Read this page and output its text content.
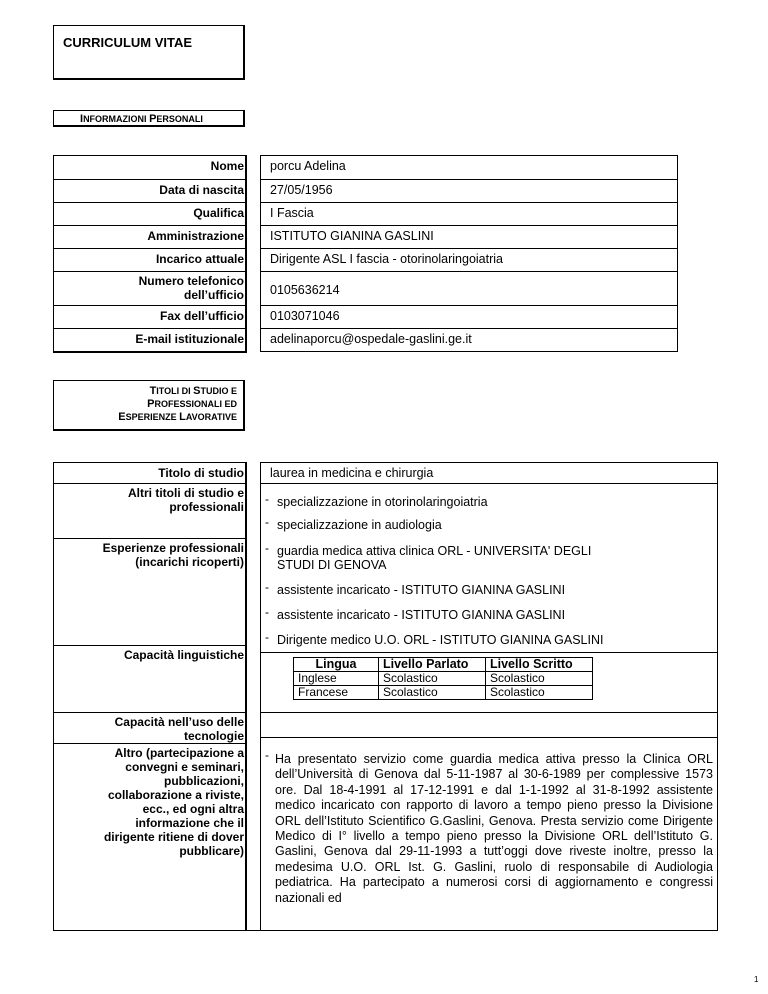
CURRICULUM VITAE
INFORMAZIONI PERSONALI
Nome porcu Adelina
Data di nascita 27/05/1956
Qualifica I Fascia
Amministrazione ISTITUTO GIANINA GASLINI
Incarico attuale Dirigente ASL I fascia - otorinolaringoiatria
Numero telefonico
dell’ufficio 0105636214
Fax dell’ufficio 0103071046
E-mail istituzionale adelinaporcu@ospedale-gaslini.ge.it
TITOLI DI STUDIO E
PROFESSIONALI ED
ESPERIENZE LAVORATIVE
Titolo di studio laurea in medicina e chirurgia
Altri titoli di studio e
professionali
- specializzazione in otorinolaringoiatria
- specializzazione in audiologia
Esperienze professionali
(incarichi ricoperti)
- guardia medica attiva clinica ORL - UNIVERSITA' DEGLI
STUDI DI GENOVA
- assistente incaricato - ISTITUTO GIANINA GASLINI
- assistente incaricato - ISTITUTO GIANINA GASLINI
- Dirigente medico U.O. ORL - ISTITUTO GIANINA GASLINI
Capacità linguistiche
Lingua	Livello Parlato	Livello Scritto
Inglese	Scolastico	Scolastico
Francese	Scolastico	Scolastico
Capacità nell’uso delle
tecnologie
Altro (partecipazione a
convegni e seminari,
pubblicazioni,
collaborazione a riviste,
ecc., ed ogni altra
informazione che il
dirigente ritiene di dover
pubblicare)
- Ha presentato servizio come guardia medica attiva presso la Clinica ORL dell’Università di Genova dal 5-11-1987 al 30-6-1989 per complessive 1573 ore. Dal 18-4-1991 al 17-12-1991 e dal 1-1-1992 al 31-8-1992 assistente medico incaricato con rapporto di lavoro a tempo pieno presso la Divisione ORL dell’Istituto Scientifico G.Gaslini, Genova. Presta servizio come Dirigente Medico di I° livello a tempo pieno presso la Divisione ORL dell’Istituto G. Gaslini, Genova dal 29-11-1993 a tutt’oggi dove riveste inoltre, presso la medesima U.O. ORL Ist. G. Gaslini, ruolo di responsabile di Audiologia pediatrica. Ha partecipato a numerosi corsi di aggiornamento e congressi nazionali ed
1
